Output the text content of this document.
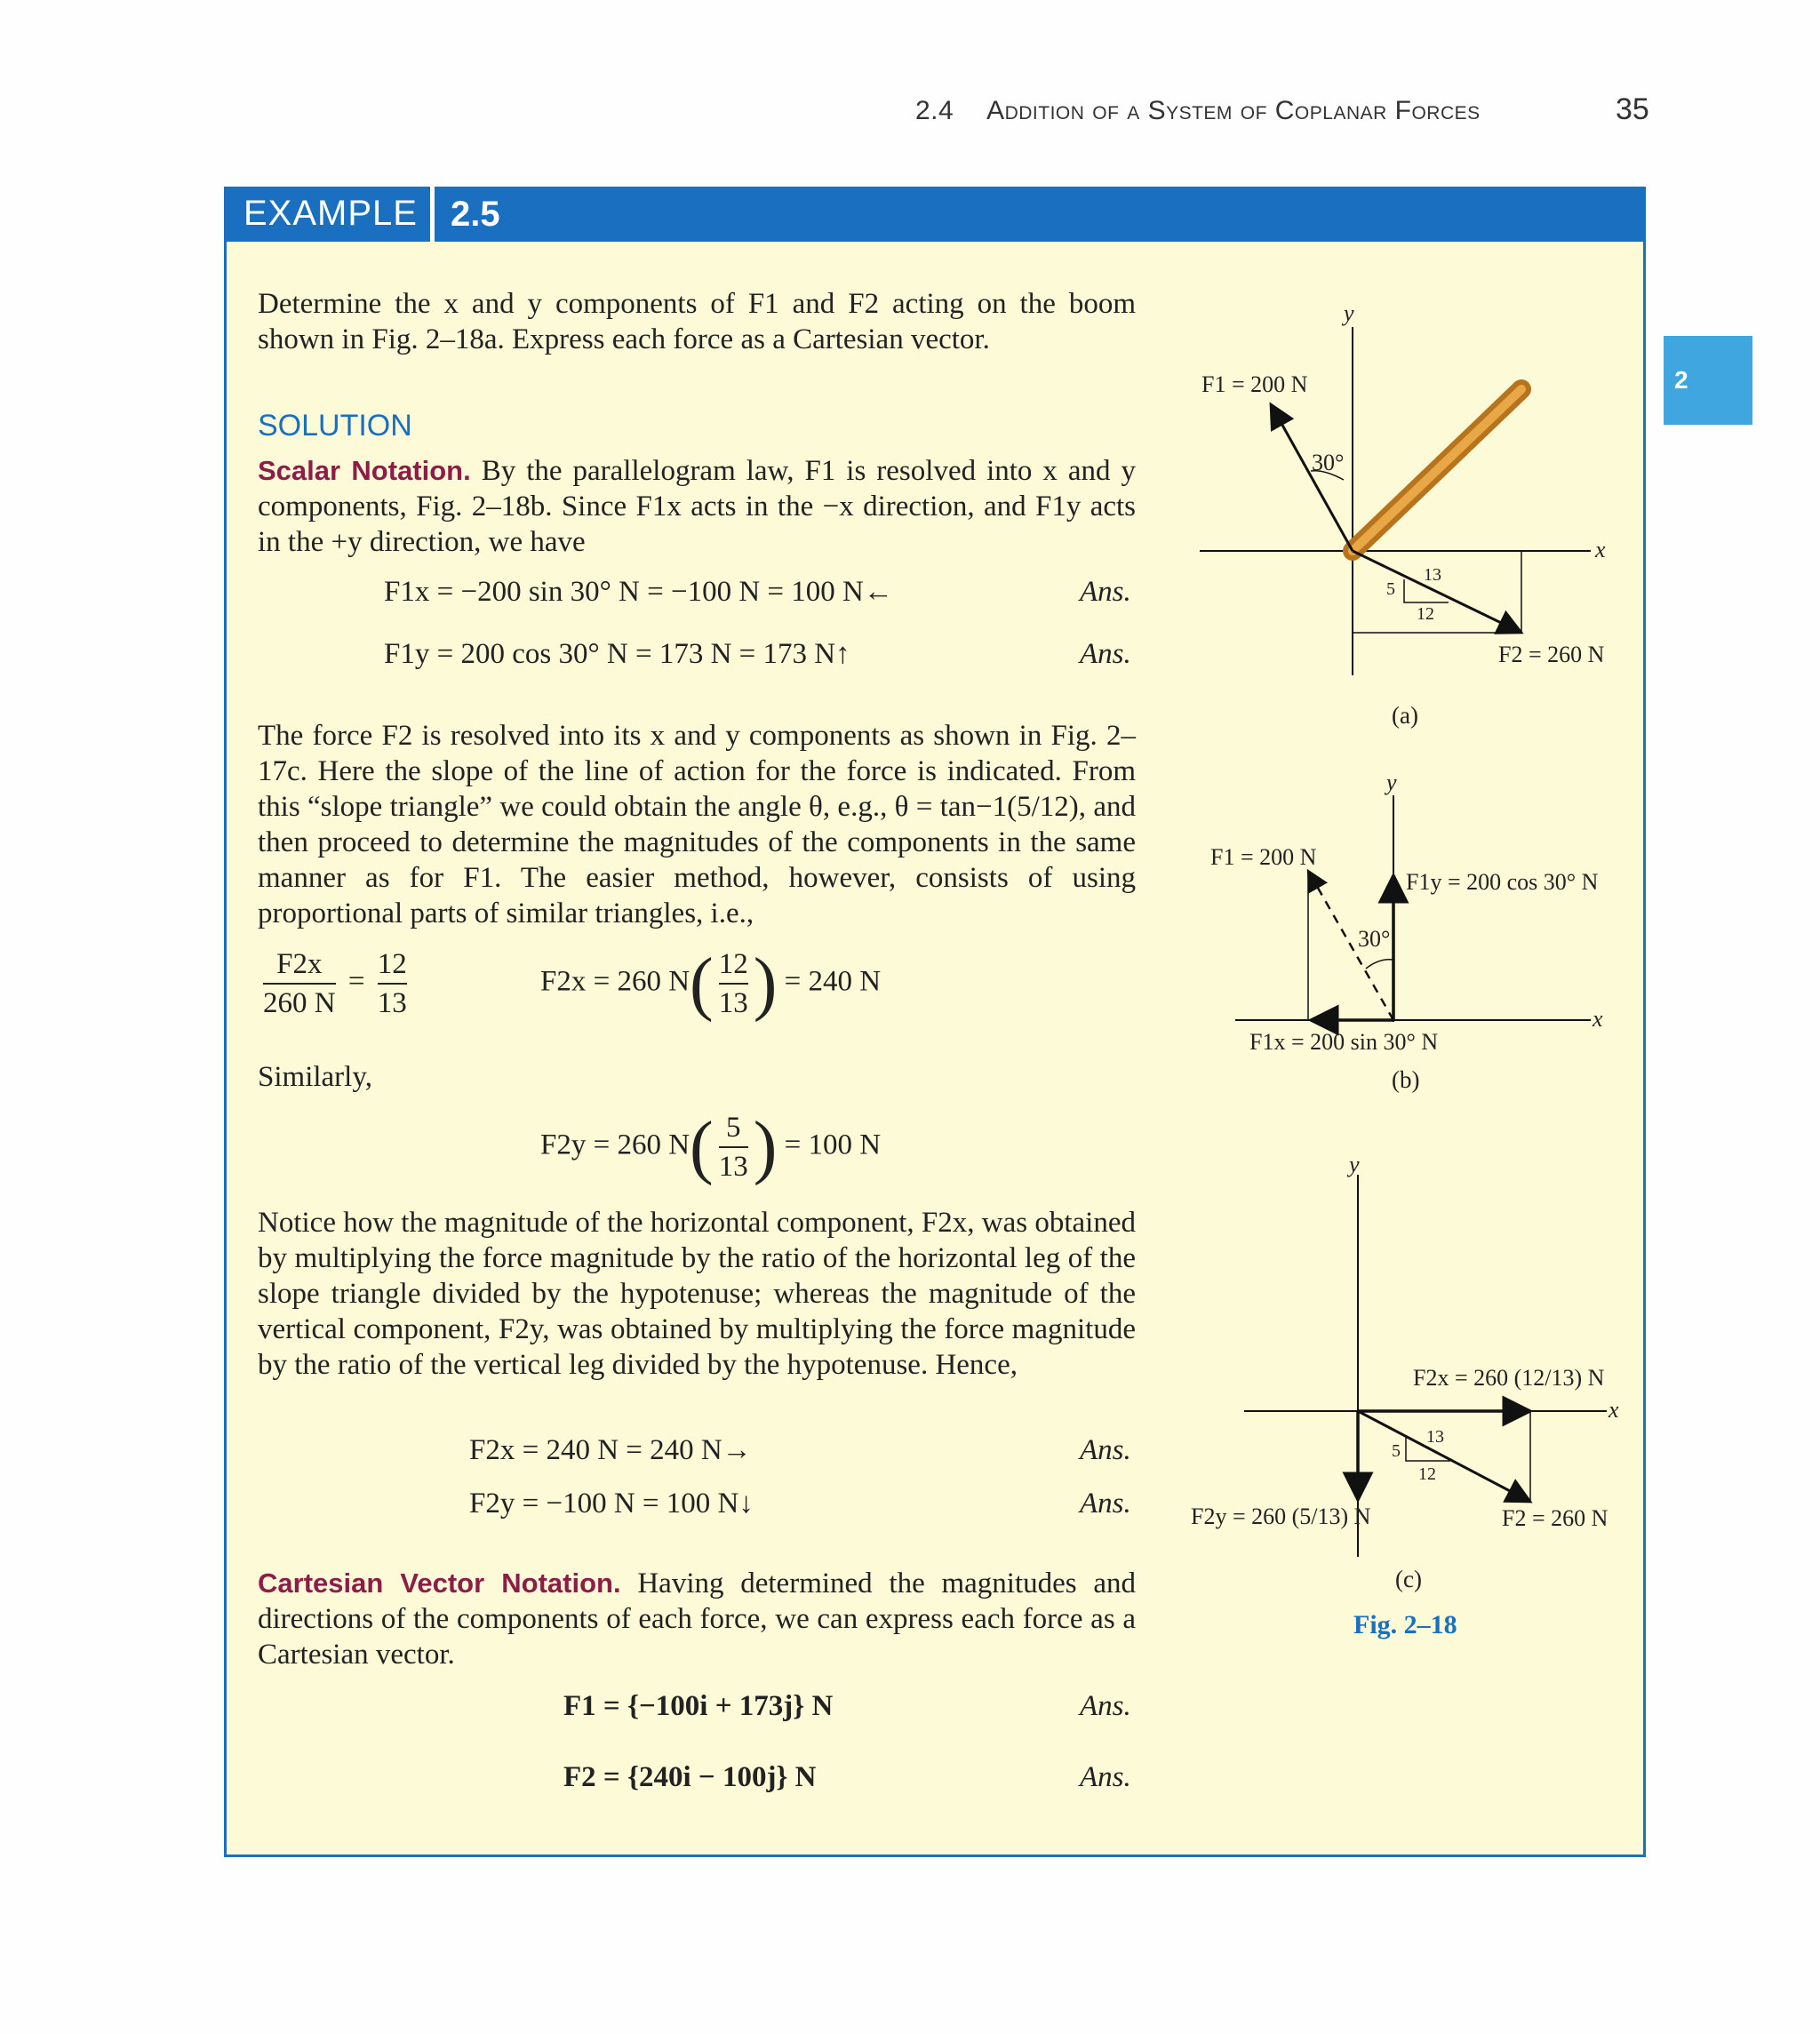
2.4 Addition of a System of Coplanar Forces	35
EXAMPLE 2.5
2
Determine the x and y components of F1 and F2 acting on the boom shown in Fig. 2–18a. Express each force as a Cartesian vector.
SOLUTION
Scalar Notation. By the parallelogram law, F1 is resolved into x and y components, Fig. 2–18b. Since F1x acts in the −x direction, and F1y acts in the +y direction, we have
F1x = −200 sin 30° N = −100 N = 100 N←	Ans.
F1y = 200 cos 30° N = 173 N = 173 N↑	Ans.
The force F2 is resolved into its x and y components as shown in Fig. 2–17c. Here the slope of the line of action for the force is indicated. From this “slope triangle” we could obtain the angle θ, e.g., θ = tan−1(5/12), and then proceed to determine the magnitudes of the components in the same manner as for F1. The easier method, however, consists of using proportional parts of similar triangles, i.e.,
$\frac{F2x}{260 N} = \frac{12}{13}$	F2x = 260 $N( \frac{12}{13}$ ) = 240 N
Similarly,
F2y = 260 $N( \frac{5}{13}$ ) = 100 N
Notice how the magnitude of the horizontal component, F2x, was obtained by multiplying the force magnitude by the ratio of the horizontal leg of the slope triangle divided by the hypotenuse; whereas the magnitude of the vertical component, F2y, was obtained by multiplying the force magnitude by the ratio of the vertical leg divided by the hypotenuse. Hence,
F2x = 240 N = 240 N→	Ans.
F2y = −100 N = 100 N↓	Ans.
Cartesian Vector Notation. Having determined the magnitudes and directions of the components of each force, we can express each force as a Cartesian vector.
F1 = {−100i + 173j} N	Ans.
F2 = {240i − 100j} N	Ans.
y
x
F1 = 200 N
30°
13
5
12
F2 = 260 N
(a)
y
x
F1 = 200 N
F1y = 200 cos 30° N
30°
F1x = 200 sin 30° N
(b)
y
x
F2x = 260 (12/13) N
13
5
12
F2y = 260 (5/13) N	F2 = 260 N
(c)
Fig. 2–18
